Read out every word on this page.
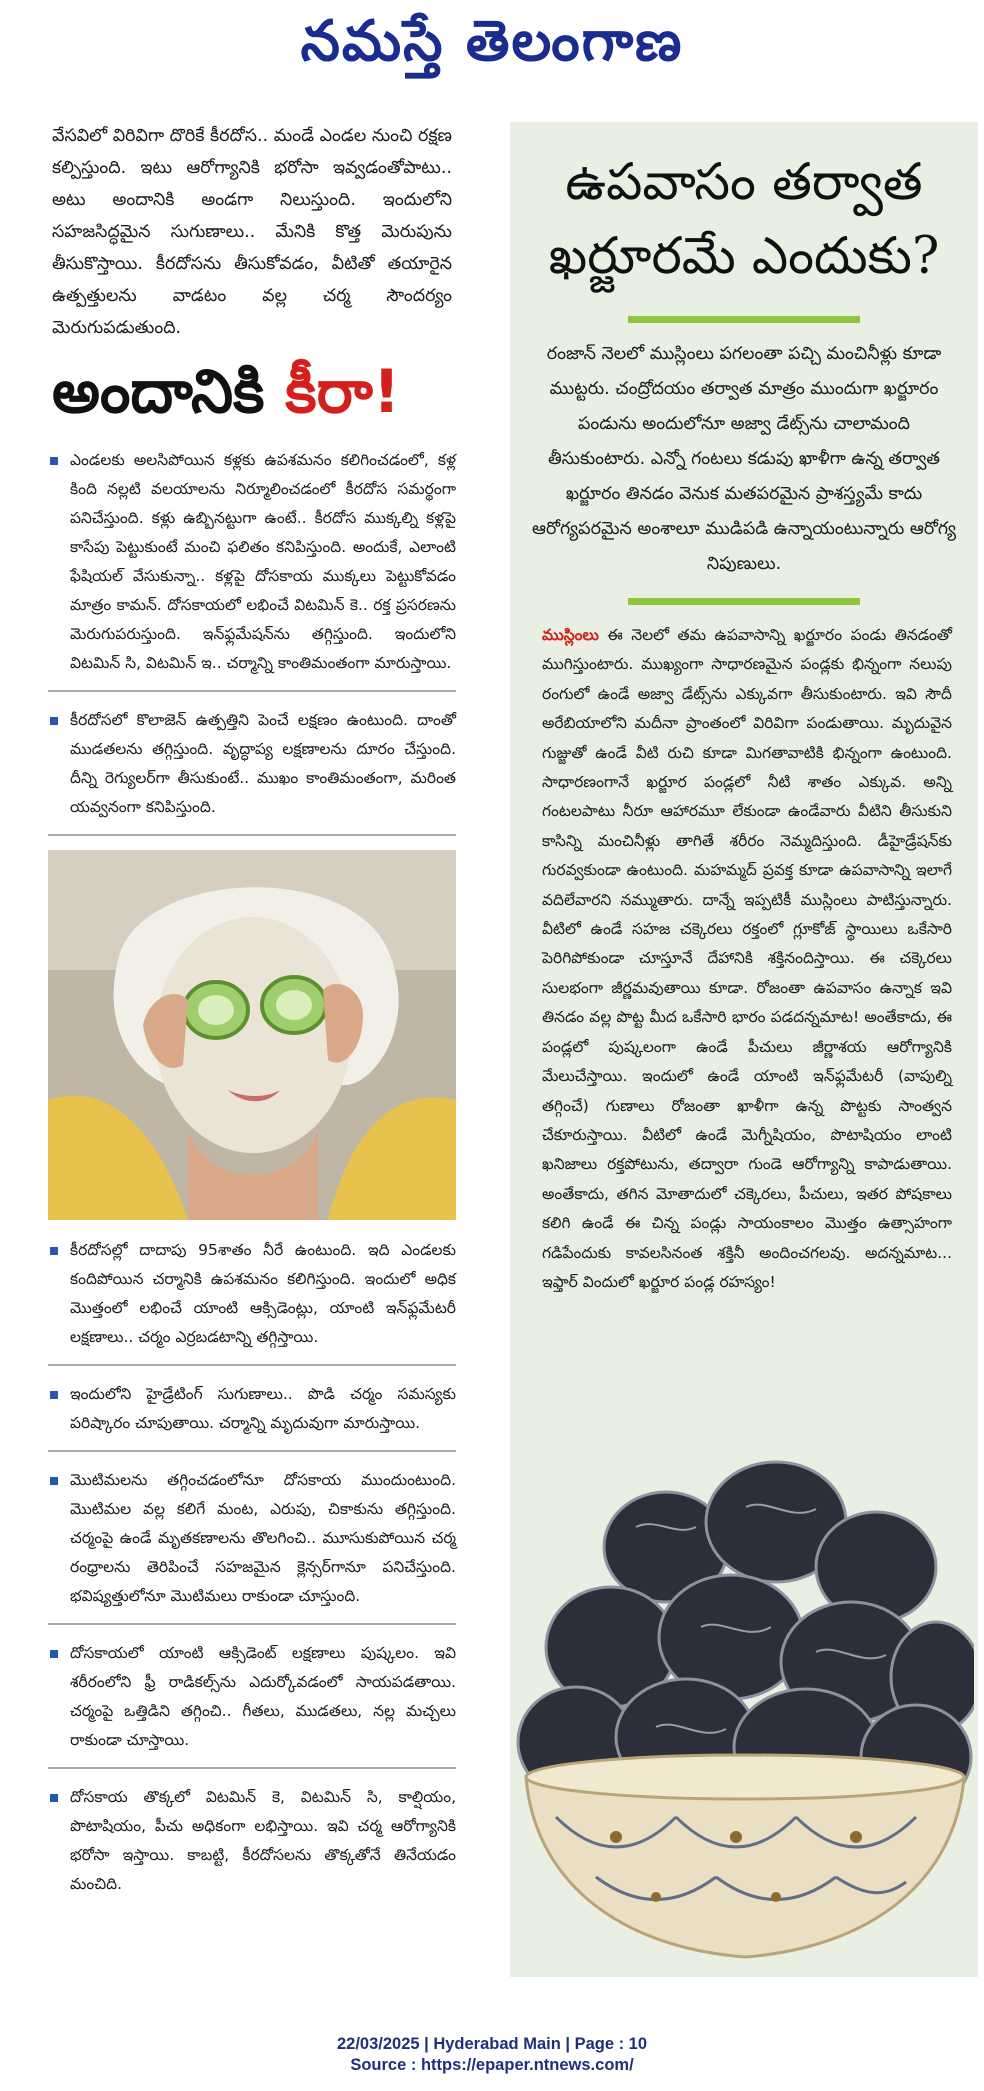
నమస్తే తెలంగాణ

వేసవిలో విరివిగా దొరికే కీరదోస.. మండే ఎండల నుంచి రక్షణ కల్పిస్తుంది. ఇటు ఆరోగ్యానికి భరోసా ఇవ్వడంతోపాటు.. అటు అందానికి అండగా నిలుస్తుంది. ఇందులోని సహజసిద్ధమైన సుగుణాలు.. మేనికి కొత్త మెరుపును తీసుకొస్తాయి. కీరదోసను తీసుకోవడం, వీటితో తయారైన ఉత్పత్తులను వాడటం వల్ల చర్మ సౌందర్యం మెరుగుపడుతుంది.

అందానికి కీరా!
ఎండలకు అలసిపోయిన కళ్లకు ఉపశమనం కలిగించడంలో, కళ్ల కింది నల్లటి వలయాలను నిర్మూలించడంలో కీరదోస సమర్థంగా పనిచేస్తుంది. కళ్లు ఉబ్బినట్టుగా ఉంటే.. కీరదోస ముక్కల్ని కళ్లపై కాసేపు పెట్టుకుంటే మంచి ఫలితం కనిపిస్తుంది. అందుకే, ఎలాంటి ఫేషియల్ వేసుకున్నా.. కళ్లపై దోసకాయ ముక్కలు పెట్టుకోవడం మాత్రం కామన్. దోసకాయలో లభించే విటమిన్ కె.. రక్త ప్రసరణను మెరుగుపరుస్తుంది. ఇన్‌ఫ్లమేషన్‌ను తగ్గిస్తుంది. ఇందులోని విటమిన్ సి, విటమిన్ ఇ.. చర్మాన్ని కాంతిమంతంగా మారుస్తాయి.
కీరదోసలో కొలాజెన్ ఉత్పత్తిని పెంచే లక్షణం ఉంటుంది. దాంతో ముడతలను తగ్గిస్తుంది. వృద్ధాప్య లక్షణాలను దూరం చేస్తుంది. దీన్ని రెగ్యులర్‌గా తీసుకుంటే.. ముఖం కాంతిమంతంగా, మరింత యవ్వనంగా కనిపిస్తుంది.
కీరదోసల్లో దాదాపు 95శాతం నీరే ఉంటుంది. ఇది ఎండలకు కందిపోయిన చర్మానికి ఉపశమనం కలిగిస్తుంది. ఇందులో అధిక మొత్తంలో లభించే యాంటి ఆక్సిడెంట్లు, యాంటి ఇన్‌ఫ్లమేటరీ లక్షణాలు.. చర్మం ఎర్రబడటాన్ని తగ్గిస్తాయి.
ఇందులోని హైడ్రేటింగ్ సుగుణాలు.. పొడి చర్మం సమస్యకు పరిష్కారం చూపుతాయి. చర్మాన్ని మృదువుగా మారుస్తాయి.
మొటిమలను తగ్గించడంలోనూ దోసకాయ ముందుంటుంది. మొటిమల వల్ల కలిగే మంట, ఎరుపు, చికాకును తగ్గిస్తుంది. చర్మంపై ఉండే మృతకణాలను తొలగించి.. మూసుకుపోయిన చర్మ రంధ్రాలను తెరిపించే సహజమైన క్లెన్సర్‌గానూ పనిచేస్తుంది. భవిష్యత్తులోనూ మొటిమలు రాకుండా చూస్తుంది.
దోసకాయలో యాంటి ఆక్సిడెంట్ లక్షణాలు పుష్కలం. ఇవి శరీరంలోని ఫ్రీ రాడికల్స్‌ను ఎదుర్కోవడంలో సాయపడతాయి. చర్మంపై ఒత్తిడిని తగ్గించి.. గీతలు, ముడతలు, నల్ల మచ్చలు రాకుండా చూస్తాయి.
దోసకాయ తొక్కలో విటమిన్ కె, విటమిన్ సి, కాల్షియం, పొటాషియం, పీచు అధికంగా లభిస్తాయి. ఇవి చర్మ ఆరోగ్యానికి భరోసా ఇస్తాయి. కాబట్టి, కీరదోసలను తొక్కతోనే తినేయడం మంచిది.
ఉపవాసం తర్వాత ఖర్జూరమే ఎందుకు?
రంజాన్ నెలలో ముస్లింలు పగలంతా పచ్చి మంచినీళ్లు కూడా ముట్టరు. చంద్రోదయం తర్వాత మాత్రం ముందుగా ఖర్జూరం పండును అందులోనూ అజ్వా డేట్స్‌ను చాలామంది తీసుకుంటారు. ఎన్నో గంటలు కడుపు ఖాళీగా ఉన్న తర్వాత ఖర్జూరం తినడం వెనుక మతపరమైన ప్రాశస్త్యమే కాదు ఆరోగ్యపరమైన అంశాలూ ముడిపడి ఉన్నాయంటున్నారు ఆరోగ్య నిపుణులు.

ముస్లింలు ఈ నెలలో తమ ఉపవాసాన్ని ఖర్జూరం పండు తినడంతో ముగిస్తుంటారు. ముఖ్యంగా సాధారణమైన పండ్లకు భిన్నంగా నలుపు రంగులో ఉండే అజ్వా డేట్స్‌ను ఎక్కువగా తీసుకుంటారు. ఇవి సౌదీ అరేబియాలోని మదీనా ప్రాంతంలో విరివిగా పండుతాయి. మృదువైన గుజ్జుతో ఉండే వీటి రుచి కూడా మిగతావాటికి భిన్నంగా ఉంటుంది. సాధారణంగానే ఖర్జూర పండ్లలో నీటి శాతం ఎక్కువ. అన్ని గంటలపాటు నీరూ ఆహారమూ లేకుండా ఉండేవారు వీటిని తీసుకుని కాసిన్ని మంచినీళ్లు తాగితే శరీరం నెమ్మదిస్తుంది. డీహైడ్రేషన్‌కు గురవ్వకుండా ఉంటుంది. మహమ్మద్ ప్రవక్త కూడా ఉపవాసాన్ని ఇలాగే వదిలేవారని నమ్ముతారు. దాన్నే ఇప్పటికీ ముస్లింలు పాటిస్తున్నారు. వీటిలో ఉండే సహజ చక్కెరలు రక్తంలో గ్లూకోజ్ స్థాయిలు ఒకేసారి పెరిగిపోకుండా చూస్తూనే దేహానికి శక్తినందిస్తాయి. ఈ చక్కెరలు సులభంగా జీర్ణమవుతాయి కూడా. రోజంతా ఉపవాసం ఉన్నాక ఇవి తినడం వల్ల పొట్ట మీద ఒకేసారి భారం పడదన్నమాట! అంతేకాదు, ఈ పండ్లలో పుష్కలంగా ఉండే పీచులు జీర్ణాశయ ఆరోగ్యానికి మేలుచేస్తాయి. ఇందులో ఉండే యాంటి ఇన్‌ఫ్లమేటరీ (వాపుల్ని తగ్గించే) గుణాలు రోజంతా ఖాళీగా ఉన్న పొట్టకు సాంత్వన చేకూరుస్తాయి. వీటిలో ఉండే మెగ్నీషియం, పొటాషియం లాంటి ఖనిజాలు రక్తపోటును, తద్వారా గుండె ఆరోగ్యాన్ని కాపాడుతాయి. అంతేకాదు, తగిన మోతాదులో చక్కెరలు, పీచులు, ఇతర పోషకాలు కలిగి ఉండే ఈ చిన్న పండ్లు సాయంకాలం మొత్తం ఉత్సాహంగా గడిపేందుకు కావలసినంత శక్తినీ అందించగలవు. అదన్నమాట... ఇఫ్తార్ విందులో ఖర్జూర పండ్ల రహస్యం!

22/03/2025 | Hyderabad Main | Page : 10
Source : https://epaper.ntnews.com/
